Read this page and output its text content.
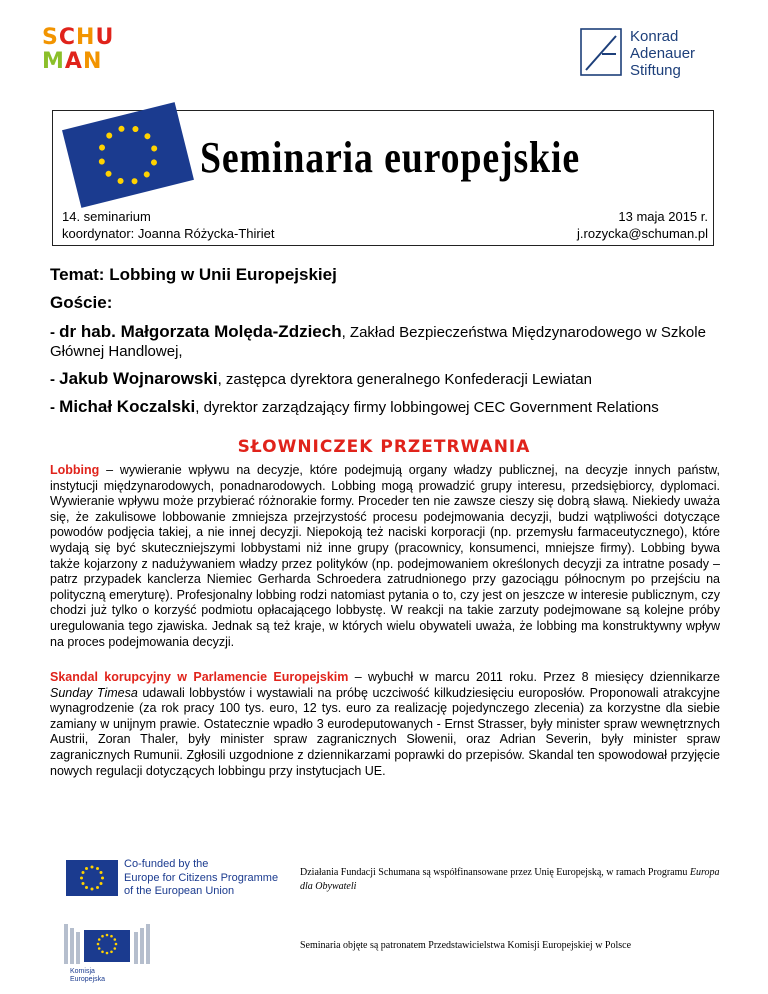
SCHU
MAN
Konrad
Adenauer
Stiftung
Seminaria europejskie
14. seminarium
koordynator: Joanna Różycka-Thiriet
13 maja 2015 r.
j.rozycka@schuman.pl
Temat: Lobbing w Unii Europejskiej
Goście:
- dr hab. Małgorzata Molęda-Zdziech, Zakład Bezpieczeństwa Międzynarodowego w Szkole Głównej Handlowej,
- Jakub Wojnarowski, zastępca dyrektora generalnego Konfederacji Lewiatan
- Michał Koczalski, dyrektor zarządzający firmy lobbingowej CEC Government Relations
SŁOWNICZEK PRZETRWANIA
Lobbing – wywieranie wpływu na decyzje, które podejmują organy władzy publicznej, na decyzje innych państw, instytucji międzynarodowych, ponadnarodowych. Lobbing mogą prowadzić grupy interesu, przedsiębiorcy, dyplomaci. Wywieranie wpływu może przybierać różnorakie formy. Proceder ten nie zawsze cieszy się dobrą sławą. Niekiedy uważa się, że zakulisowe lobbowanie zmniejsza przejrzystość procesu podejmowania decyzji, budzi wątpliwości dotyczące powodów podjęcia takiej, a nie innej decyzji. Niepokoją też naciski korporacji (np. przemysłu farmaceutycznego), które wydają się być skuteczniejszymi lobbystami niż inne grupy (pracownicy, konsumenci, mniejsze firmy). Lobbing bywa także kojarzony z nadużywaniem władzy przez polityków (np. podejmowaniem określonych decyzji za intratne posady – patrz przypadek kanclerza Niemiec Gerharda Schroedera zatrudnionego przy gazociągu północnym po przejściu na polityczną emeryturę). Profesjonalny lobbing rodzi natomiast pytania o to, czy jest on jeszcze w interesie publicznym, czy chodzi już tylko o korzyść podmiotu opłacającego lobbystę. W reakcji na takie zarzuty podejmowane są kolejne próby uregulowania tego zjawiska. Jednak są też kraje, w których wielu obywateli uważa, że lobbing ma konstruktywny wpływ na proces podejmowania decyzji.
Skandal korupcyjny w Parlamencie Europejskim – wybuchł w marcu 2011 roku. Przez 8 miesięcy dziennikarze Sunday Timesa udawali lobbystów i wystawiali na próbę uczciwość kilkudziesięciu europosłów. Proponowali atrakcyjne wynagrodzenie (za rok pracy 100 tys. euro, 12 tys. euro za realizację pojedynczego zlecenia) za korzystne dla siebie zamiany w unijnym prawie. Ostatecznie wpadło 3 eurodeputowanych - Ernst Strasser, były minister spraw wewnętrznych Austrii, Zoran Thaler, były minister spraw zagranicznych Słowenii, oraz Adrian Severin, były minister spraw zagranicznych Rumunii. Zgłosili uzgodnione z dziennikarzami poprawki do przepisów. Skandal ten spowodował przyjęcie nowych regulacji dotyczących lobbingu przy instytucjach UE.
Co-funded by the
Europe for Citizens Programme
of the European Union
Działania Fundacji Schumana są współfinansowane przez Unię Europejską, w ramach Programu Europa dla Obywateli
Komisja
Europejska
Seminaria objęte są patronatem Przedstawicielstwa Komisji Europejskiej w Polsce
